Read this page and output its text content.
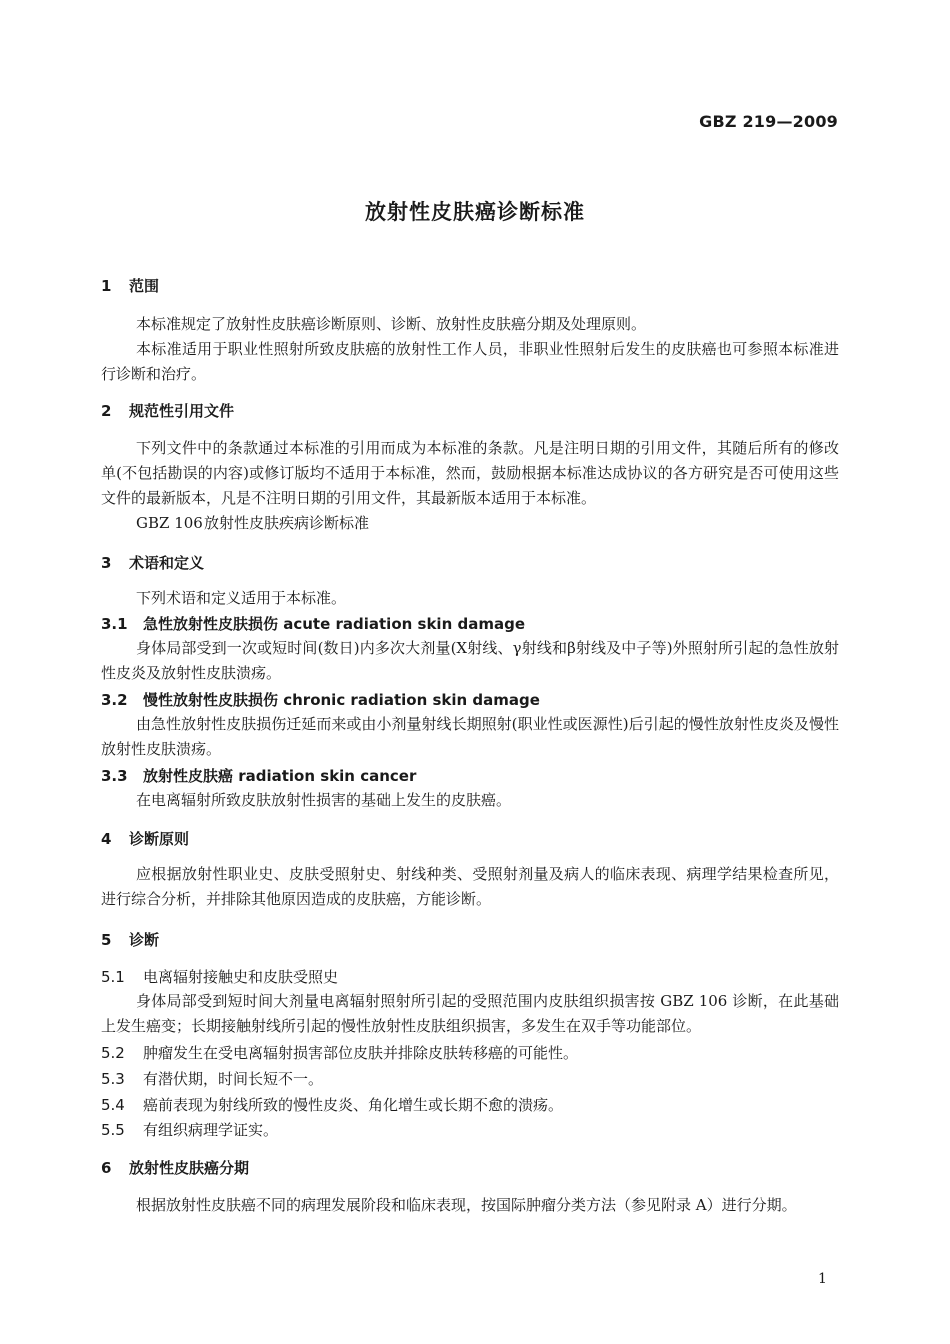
GBZ 219—2009
放射性皮肤癌诊断标准
1 范围
本标准规定了放射性皮肤癌诊断原则、诊断、放射性皮肤癌分期及处理原则。
本标准适用于职业性照射所致皮肤癌的放射性工作人员，非职业性照射后发生的皮肤癌也可参照本标准进行诊断和治疗。
2 规范性引用文件
下列文件中的条款通过本标准的引用而成为本标准的条款。凡是注明日期的引用文件，其随后所有的修改单(不包括勘误的内容)或修订版均不适用于本标准，然而，鼓励根据本标准达成协议的各方研究是否可使用这些文件的最新版本，凡是不注明日期的引用文件，其最新版本适用于本标准。
GBZ 106放射性皮肤疾病诊断标准
3 术语和定义
下列术语和定义适用于本标准。
3.1 急性放射性皮肤损伤 acute radiation skin damage
身体局部受到一次或短时间(数日)内多次大剂量(X射线、γ射线和β射线及中子等)外照射所引起的急性放射性皮炎及放射性皮肤溃疡。
3.2 慢性放射性皮肤损伤 chronic radiation skin damage
由急性放射性皮肤损伤迁延而来或由小剂量射线长期照射(职业性或医源性)后引起的慢性放射性皮炎及慢性放射性皮肤溃疡。
3.3 放射性皮肤癌 radiation skin cancer
在电离辐射所致皮肤放射性损害的基础上发生的皮肤癌。
4 诊断原则
应根据放射性职业史、皮肤受照射史、射线种类、受照射剂量及病人的临床表现、病理学结果检查所见，进行综合分析，并排除其他原因造成的皮肤癌，方能诊断。
5 诊断
5.1 电离辐射接触史和皮肤受照史
身体局部受到短时间大剂量电离辐射照射所引起的受照范围内皮肤组织损害按 GBZ 106 诊断，在此基础上发生癌变；长期接触射线所引起的慢性放射性皮肤组织损害，多发生在双手等功能部位。
5.2 肿瘤发生在受电离辐射损害部位皮肤并排除皮肤转移癌的可能性。
5.3 有潜伏期，时间长短不一。
5.4 癌前表现为射线所致的慢性皮炎、角化增生或长期不愈的溃疡。
5.5 有组织病理学证实。
6 放射性皮肤癌分期
根据放射性皮肤癌不同的病理发展阶段和临床表现，按国际肿瘤分类方法（参见附录 A）进行分期。
1
